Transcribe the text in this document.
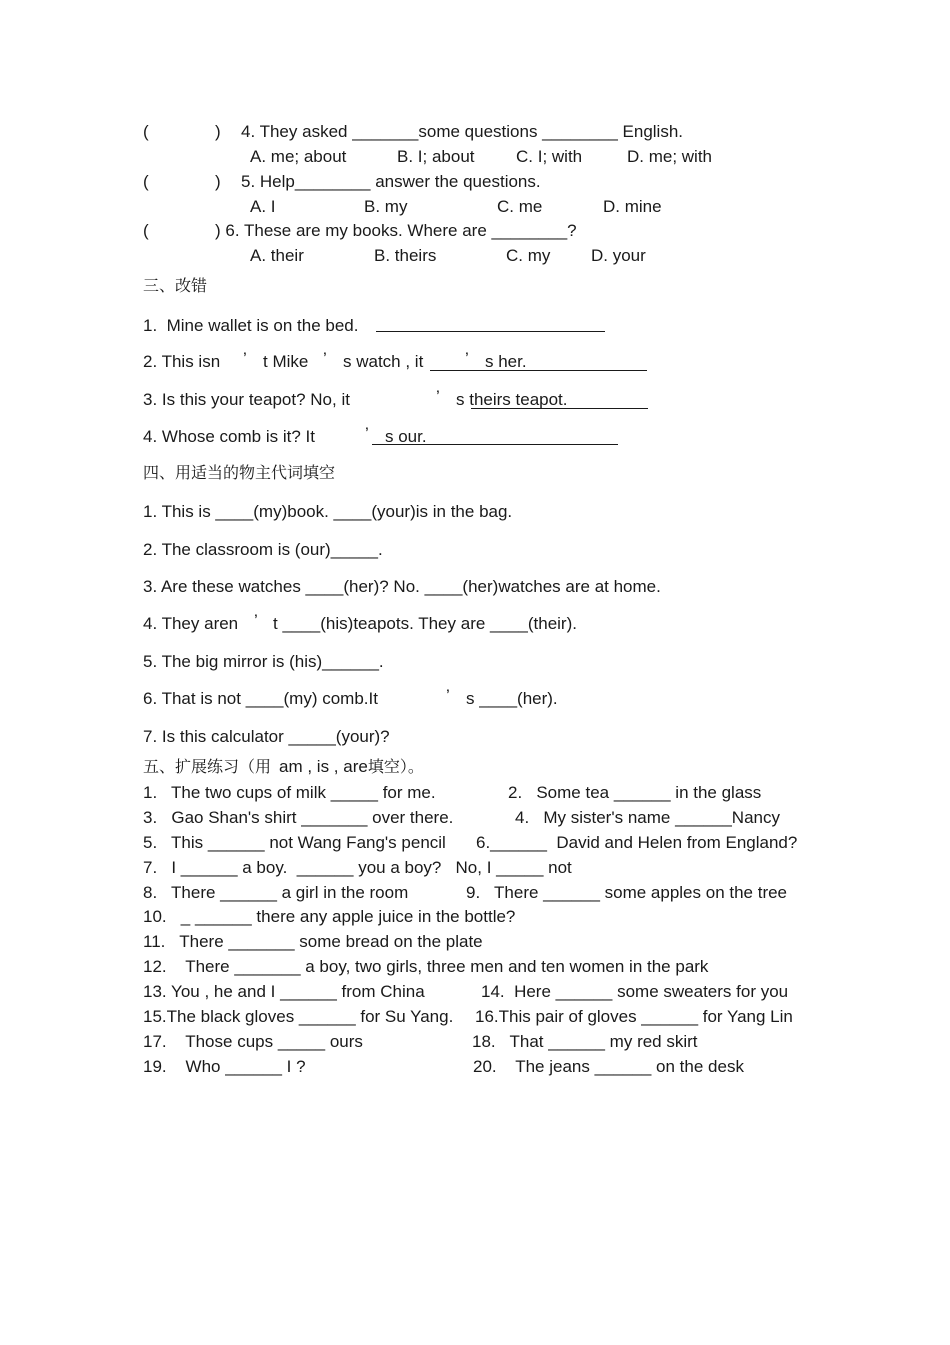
(	) 4. They asked _______some questions ________ English.
A. me; about	B. I; about C. I; with	D. me; with
(	) 5. Help________ answer the questions.
A. I	B. my	C. me	D. mine
(	) 6. These are my books. Where are ________?
A. their	B. theirs	C. my D. your
三、改错
1.  Mine wallet is on the bed.
2. This isn ’ t Mike ’ s watch , it ’ s her.
3. Is this your teapot? No, it	’ s theirs teapot.
4. Whose comb is it? It	’ s our.
四、用适当的物主代词填空
1. This is ____(my)book. ____(your)is in the bag.
2. The classroom is (our)_____.
3. Are these watches ____(her)? No. ____(her)watches are at home.
4. They aren ’ t ____(his)teapots. They are ____(their).
5. The big mirror is (his)______.
6. That is not ____(my) comb.It	’ s ____(her).
7. Is this calculator _____(your)?
五、扩展练习（用 am , is , are填空）。
1.   The two cups of milk _____ for me.	2.   Some tea ______ in the glass
3.   Gao Shan's shirt _______ over there.	4.   My sister's name ______Nancy
5.   This ______ not Wang Fang's pencil 6.______  David and Helen from England?
7.   I ______ a boy.  ______ you a boy?   No, I _____ not
8.   There ______ a girl in the room	9.   There ______ some apples on the tree
10.   _ ______ there any apple juice in the bottle?
11.   There _______ some bread on the plate
12.    There _______ a boy, two girls, three men and ten women in the park
13. You , he and I ______ from China	14.  Here ______ some sweaters for you
15.The black gloves ______ for Su Yang. 16.This pair of gloves ______ for Yang Lin
17.    Those cups _____ ours	18.   That ______ my red skirt
19.    Who ______ I ?	20.    The jeans ______ on the desk
